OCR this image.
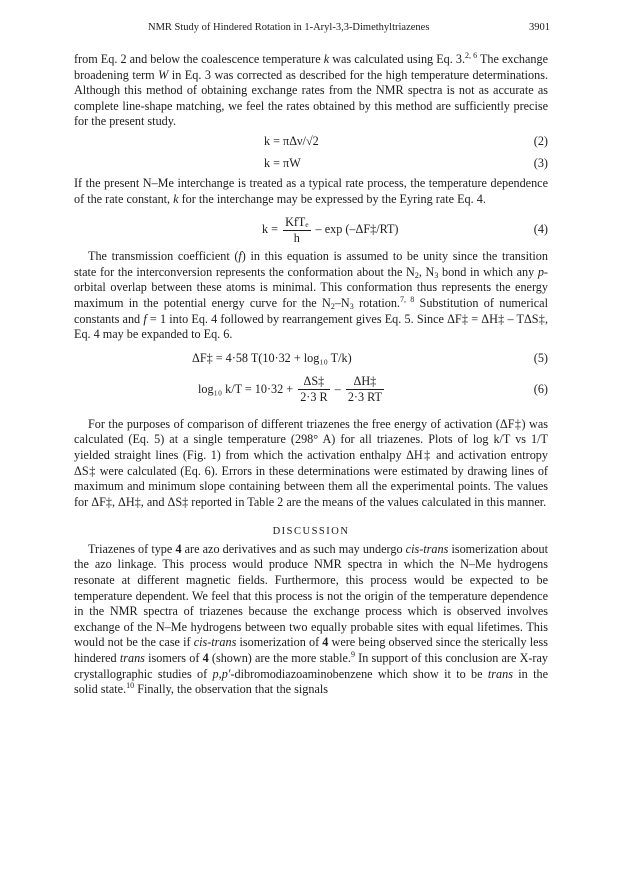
NMR Study of Hindered Rotation in 1-Aryl-3,3-Dimethyltriazenes	3901

from Eq. 2 and below the coalescence temperature k was calculated using Eq. 3.$^{2, 6}$ The exchange broadening term W in Eq. 3 was corrected as described for the high temperature determinations. Although this method of obtaining exchange rates from the NMR spectra is not as accurate as complete line-shape matching, we feel the rates obtained by this method are sufficiently precise for the present study.

k = πΔν/√2	(2)
k = πW	(3)

If the present N–Me interchange is treated as a typical rate process, the temperature dependence of the rate constant, k for the interchange may be expressed by the Eyring rate Eq. 4.

$k = \frac{\text{KfTₑ}}{h} - \exp$ (–ΔF‡/RT)	(4)

The transmission coefficient (f) in this equation is assumed to be unity since the transition state for the interconversion represents the conformation about the $N_2$, $N_3$ bond in which any p-orbital overlap between these atoms is minimal. This conformation thus represents the energy maximum in the potential energy curve for the $N_2-N_3$ rotation.$^{7, 8}$ Substitution of numerical constants and f = 1 into Eq. 4 followed by rearrangement gives Eq. 5. Since ΔF‡ = ΔH‡ – TΔS‡, Eq. 4 may be expanded to Eq. 6.

ΔF‡ = 4·58 T(10·32 + log₁₀ T/k)	(5)
log₁₀ $k/T = 10\cdot 32 + \frac{\Delta S\ddagger}{2\cdot 3 R} - \frac{\Delta H\ddagger}{2\cdot 3 RT}$	(6)

For the purposes of comparison of different triazenes the free energy of activation (ΔF‡) was calculated (Eq. 5) at a single temperature (298° A) for all triazenes. Plots of log k/T vs 1/T yielded straight lines (Fig. 1) from which the activation enthalpy ΔH‡ and activation entropy ΔS‡ were calculated (Eq. 6). Errors in these determinations were estimated by drawing lines of maximum and minimum slope containing between them all the experimental points. The values for ΔF‡, ΔH‡, and ΔS‡ reported in Table 2 are the means of the values calculated in this manner.

DISCUSSION

Triazenes of type 4 are azo derivatives and as such may undergo cis-trans isomerization about the azo linkage. This process would produce NMR spectra in which the N–Me hydrogens resonate at different magnetic fields. Furthermore, this process would be expected to be temperature dependent. We feel that this process is not the origin of the temperature dependence in the NMR spectra of triazenes because the exchange process which is observed involves exchange of the N–Me hydrogens between two equally probable sites with equal lifetimes. This would not be the case if cis-trans isomerization of 4 were being observed since the sterically less hindered trans isomers of 4 (shown) are the more stable.$^9$ In support of this conclusion are X-ray crystallographic studies of p,p′-dibromodiazoaminobenzene which show it to be trans in the solid state.$^{10}$ Finally, the observation that the signals
